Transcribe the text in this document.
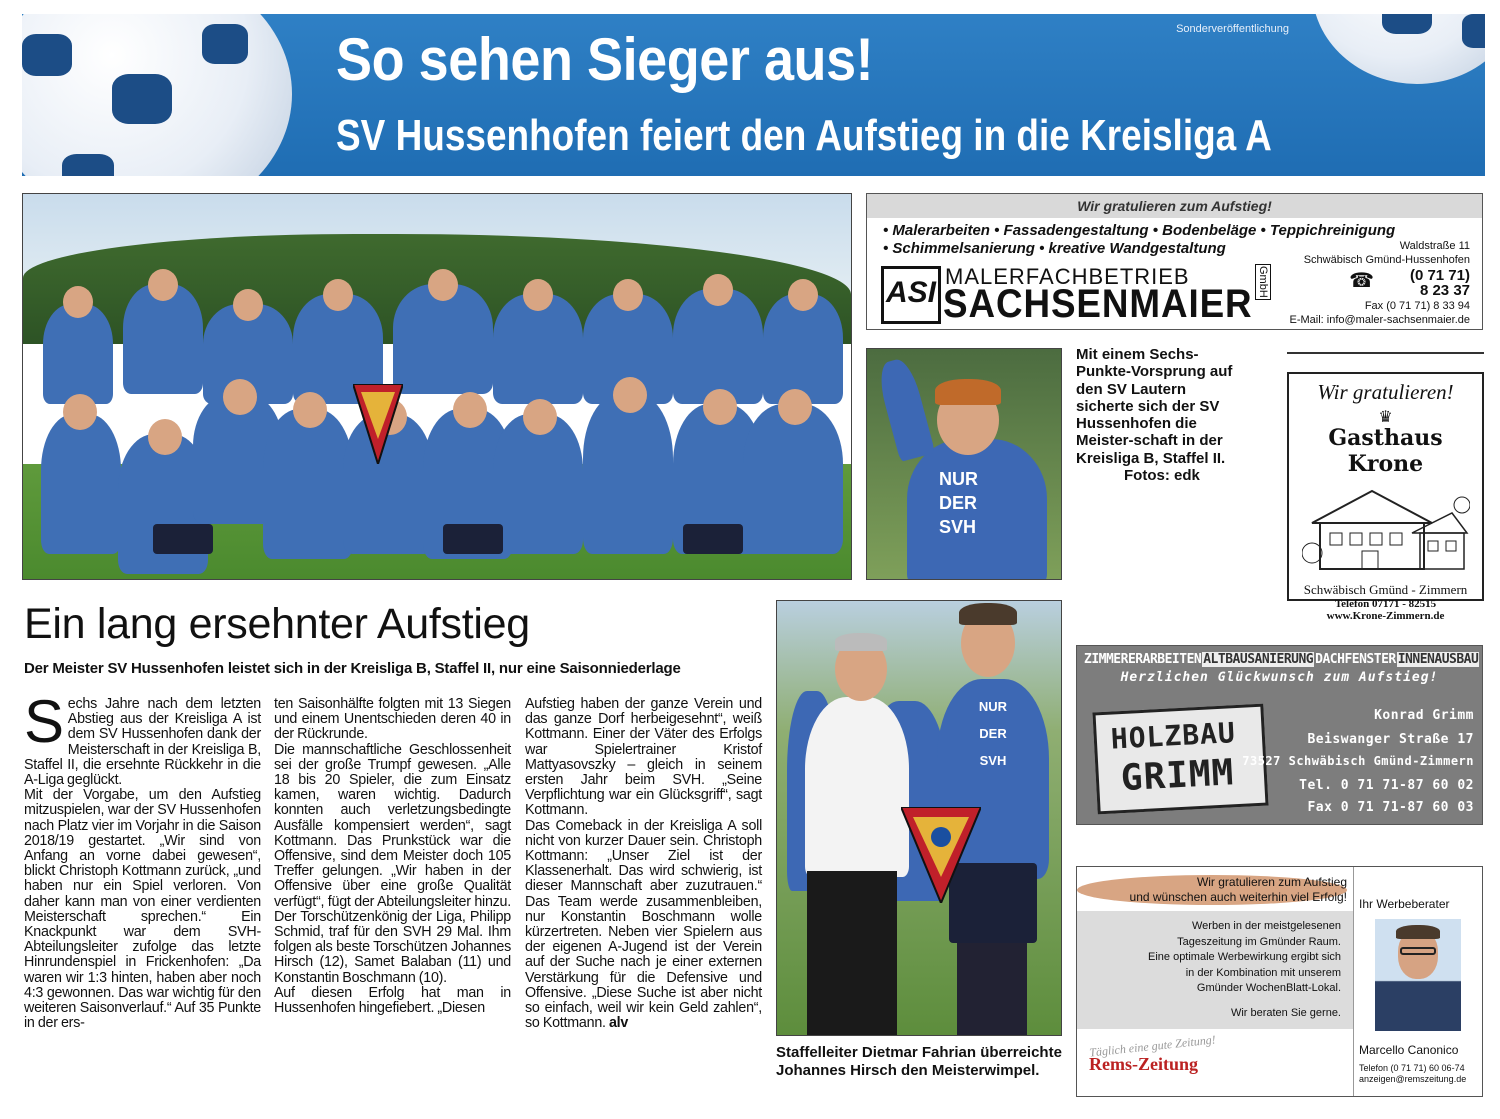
Sonderveröffentlichung
So sehen Sieger aus!
SV Hussenhofen feiert den Aufstieg in die Kreisliga A
Wir gratulieren zum Aufstieg!
• Malerarbeiten • Fassadengestaltung • Bodenbeläge • Teppichreinigung
• Schimmelsanierung • kreative Wandgestaltung
ASI MALERFACHBETRIEB
SACHSENMAIER
GmbH
Waldstraße 11
Schwäbisch Gmünd-Hussenhofen
☎ (0 71 71)
8 23 37
Fax (0 71 71) 8 33 94
E-Mail: info@maler-sachsenmaier.de
NUR
DER
SVH
Mit einem Sechs-Punkte-Vorsprung auf den SV Lautern sicherte sich der SV Hussenhofen die Meister-schaft in der Kreisliga B, Staffel II.
Fotos: edk
Wir gratulieren!
♛
Gasthaus Krone
Schwäbisch Gmünd - Zimmern
Telefon 07171 - 82515
www.Krone-Zimmern.de
ZIMMERERARBEITEN ALTBAUSANIERUNG DACHFENSTER INNENAUSBAU
Herzlichen Glückwunsch zum Aufstieg!
HOLZBAU
GRIMM
Konrad Grimm
Beiswanger Straße 17
73527 Schwäbisch Gmünd-Zimmern
Tel. 0 71 71-87 60 02
Fax 0 71 71-87 60 03
Wir gratulieren zum Aufstieg
und wünschen auch weiterhin viel Erfolg!

Werben in der meistgelesenen
Tageszeitung im Gmünder Raum.
Eine optimale Werbewirkung ergibt sich
in der Kombination mit unserem
Gmünder WochenBlatt-Lokal.

Wir beraten Sie gerne.
Täglich eine gute Zeitung!
Rems-Zeitung
Ihr Werbeberater
Marcello Canonico
Telefon (0 71 71) 60 06-74
anzeigen@remszeitung.de
Ein lang ersehnter Aufstieg
Der Meister SV Hussenhofen leistet sich in der Kreisliga B, Staffel II, nur eine Saisonniederlage

Sechs Jahre nach dem letzten Abstieg aus der Kreisliga A ist dem SV Hussenhofen dank der Meisterschaft in der Kreisliga B, Staffel II, die ersehnte Rückkehr in die A-Liga geglückt.

Mit der Vorgabe, um den Aufstieg mitzuspielen, war der SV Hussenhofen nach Platz vier im Vorjahr in die Saison 2018/19 gestartet. „Wir sind von Anfang an vorne dabei gewesen“, blickt Christoph Kottmann zurück, „und haben nur ein Spiel verloren. Von daher kann man von einer verdienten Meisterschaft sprechen.“ Ein Knackpunkt war dem SVH-Abteilungsleiter zufolge das letzte Hinrundenspiel in Frickenhofen: „Da waren wir 1:3 hinten, haben aber noch 4:3 gewonnen. Das war wichtig für den weiteren Saisonverlauf.“ Auf 35 Punkte in der ers-

ten Saisonhälfte folgten mit 13 Siegen und einem Unentschieden deren 40 in der Rückrunde.

Die mannschaftliche Geschlossenheit sei der große Trumpf gewesen. „Alle 18 bis 20 Spieler, die zum Einsatz kamen, waren wichtig. Dadurch konnten auch verletzungsbedingte Ausfälle kompensiert werden“, sagt Kottmann. Das Prunkstück war die Offensive, sind dem Meister doch 105 Treffer gelungen. „Wir haben in der Offensive über eine große Qualität verfügt“, fügt der Abteilungsleiter hinzu. Der Torschützenkönig der Liga, Philipp Schmid, traf für den SVH 29 Mal. Ihm folgen als beste Torschützen Johannes Hirsch (12), Samet Balaban (11) und Konstantin Boschmann (10).

Auf diesen Erfolg hat man in Hussenhofen hingefiebert. „Diesen

Aufstieg haben der ganze Verein und das ganze Dorf herbeigesehnt“, weiß Kottmann. Einer der Väter des Erfolgs war Spielertrainer Kristof Mattyasovszky – gleich in seinem ersten Jahr beim SVH. „Seine Verpflichtung war ein Glücksgriff“, sagt Kottmann.

Das Comeback in der Kreisliga A soll nicht von kurzer Dauer sein. Christoph Kottmann: „Unser Ziel ist der Klassenerhalt. Das wird schwierig, ist dieser Mannschaft aber zuzutrauen.“ Das Team werde zusammenbleiben, nur Konstantin Boschmann wolle kürzertreten. Neben vier Spielern aus der eigenen A-Jugend ist der Verein auf der Suche nach je einer externen Verstärkung für die Defensive und Offensive. „Diese Suche ist aber nicht so einfach, weil wir kein Geld zahlen“, so Kottmann. alv

NUR
DER
SVH
Staffelleiter Dietmar Fahrian überreichte Johannes Hirsch den Meisterwimpel.
